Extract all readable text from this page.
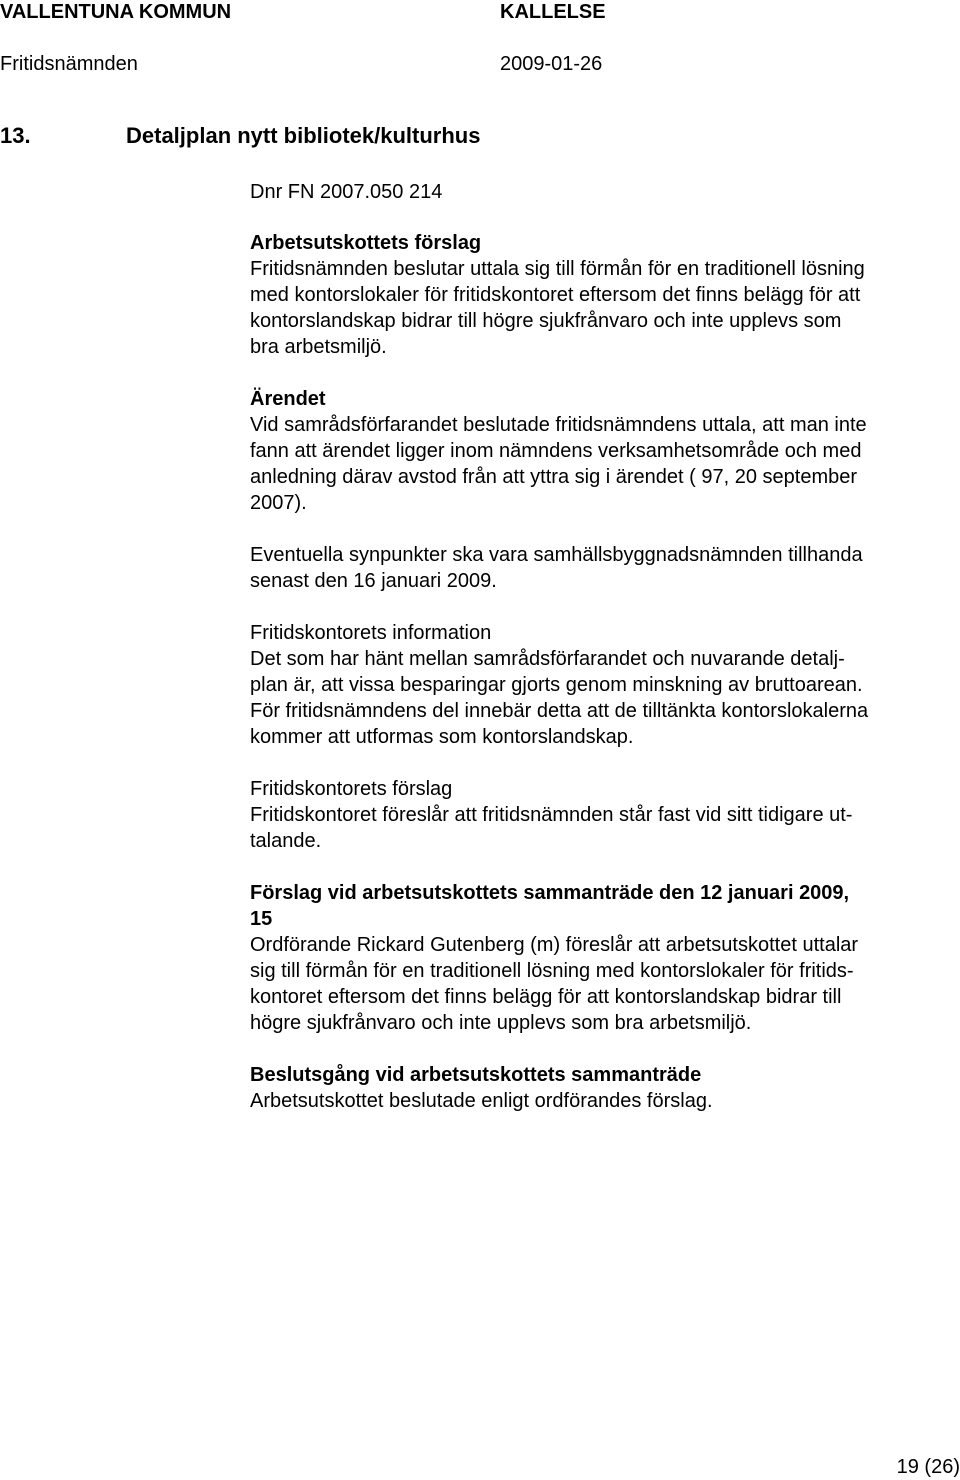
VALLENTUNA KOMMUN	KALLELSE
Fritidsnämnden	2009-01-26
13.	Detaljplan nytt bibliotek/kulturhus
Dnr FN 2007.050 214
Arbetsutskottets förslag
Fritidsnämnden beslutar uttala sig till förmån för en traditionell lösning
med kontorslokaler för fritidskontoret eftersom det finns belägg för att
kontorslandskap bidrar till högre sjukfrånvaro och inte upplevs som
bra arbetsmiljö.
Ärendet
Vid samrådsförfarandet beslutade fritidsnämndens uttala, att man inte
fann att ärendet ligger inom nämndens verksamhetsområde och med
anledning därav avstod från att yttra sig i ärendet ( 97, 20 september
2007).
Eventuella synpunkter ska vara samhällsbyggnadsnämnden tillhanda
senast den 16 januari 2009.
Fritidskontorets information
Det som har hänt mellan samrådsförfarandet och nuvarande detalj-
plan är, att vissa besparingar gjorts genom minskning av bruttoarean.
För fritidsnämndens del innebär detta att de tilltänkta kontorslokalerna
kommer att utformas som kontorslandskap.
Fritidskontorets förslag
Fritidskontoret föreslår att fritidsnämnden står fast vid sitt tidigare ut-
talande.
Förslag vid arbetsutskottets sammanträde den 12 januari 2009,
15
Ordförande Rickard Gutenberg (m) föreslår att arbetsutskottet uttalar
sig till förmån för en traditionell lösning med kontorslokaler för fritids-
kontoret eftersom det finns belägg för att kontorslandskap bidrar till
högre sjukfrånvaro och inte upplevs som bra arbetsmiljö.
Beslutsgång vid arbetsutskottets sammanträde
Arbetsutskottet beslutade enligt ordförandes förslag.
19 (26)
